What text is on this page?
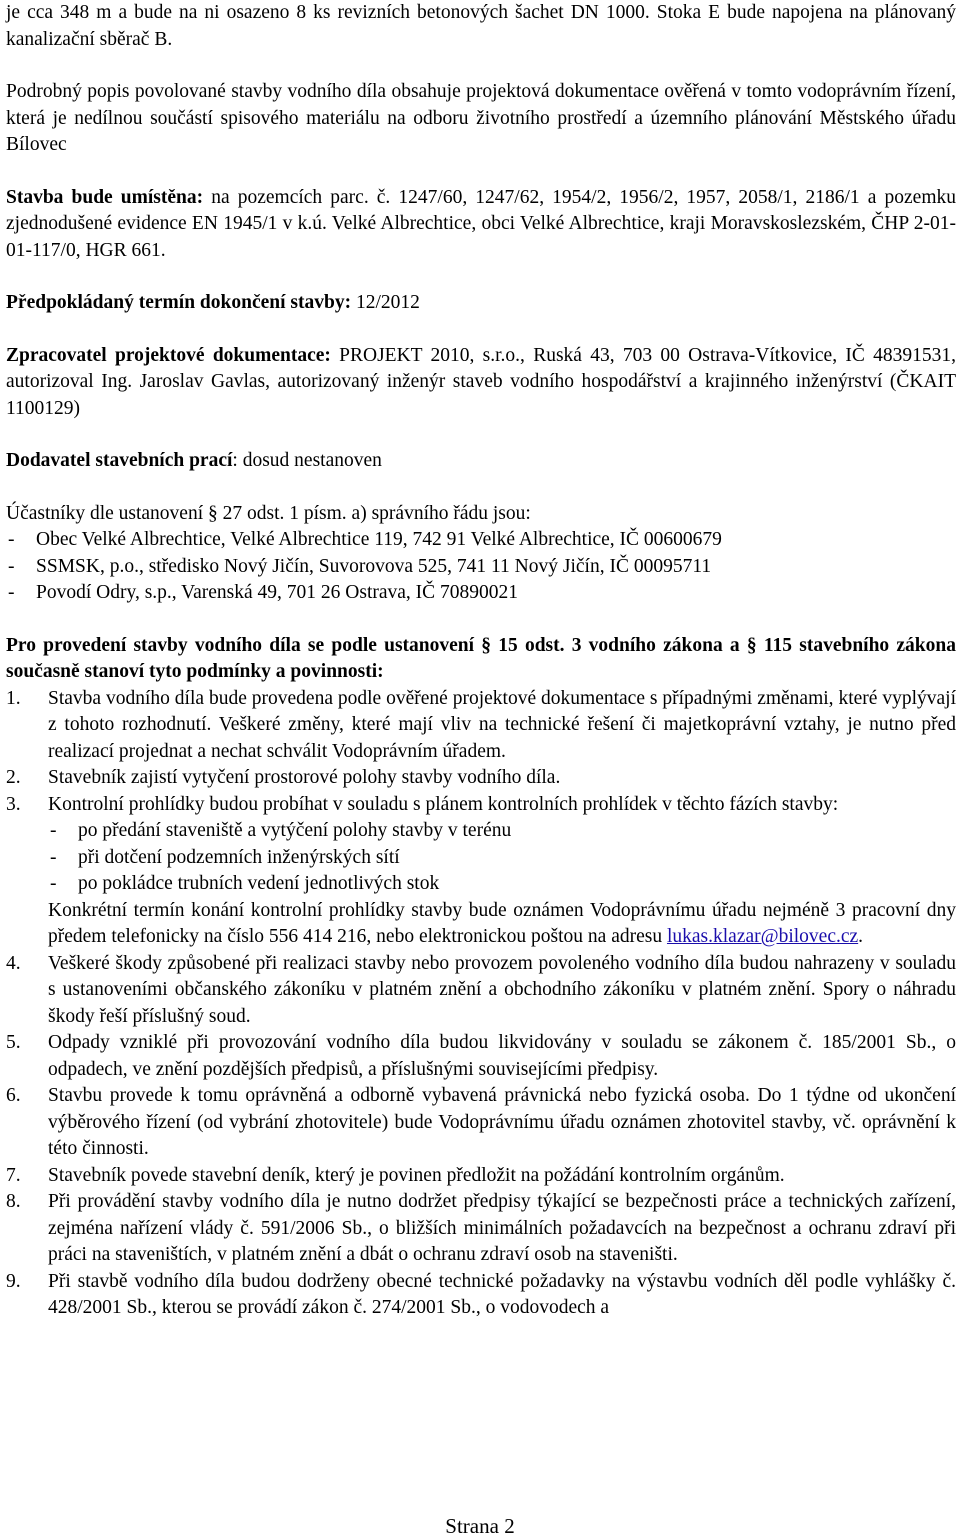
je cca 348 m a bude na ni osazeno 8 ks revizních betonových šachet DN 1000. Stoka E bude napojena na plánovaný kanalizační sběrač B.

Podrobný popis povolované stavby vodního díla obsahuje projektová dokumentace ověřená v tomto vodoprávním řízení, která je nedílnou součástí spisového materiálu na odboru životního prostředí a územního plánování Městského úřadu Bílovec

Stavba bude umístěna: na pozemcích parc. č. 1247/60, 1247/62, 1954/2, 1956/2, 1957, 2058/1, 2186/1 a pozemku zjednodušené evidence EN 1945/1 v k.ú. Velké Albrechtice, obci Velké Albrechtice, kraji Moravskoslezském, ČHP 2-01-01-117/0, HGR 661.

Předpokládaný termín dokončení stavby: 12/2012

Zpracovatel projektové dokumentace: PROJEKT 2010, s.r.o., Ruská 43, 703 00 Ostrava-Vítkovice, IČ 48391531, autorizoval Ing. Jaroslav Gavlas, autorizovaný inženýr staveb vodního hospodářství a krajinného inženýrství (ČKAIT 1100129)

Dodavatel stavebních prací: dosud nestanoven

Účastníky dle ustanovení § 27 odst. 1 písm. a) správního řádu jsou:

- Obec Velké Albrechtice, Velké Albrechtice 119, 742 91 Velké Albrechtice, IČ 00600679
- SSMSK, p.o., středisko Nový Jičín, Suvorovova 525, 741 11 Nový Jičín, IČ 00095711
- Povodí Odry, s.p., Varenská 49, 701 26 Ostrava, IČ 70890021

Pro provedení stavby vodního díla se podle ustanovení § 15 odst. 3 vodního zákona a § 115 stavebního zákona současně stanoví tyto podmínky a povinnosti:

1. Stavba vodního díla bude provedena podle ověřené projektové dokumentace s případnými změnami, které vyplývají z tohoto rozhodnutí. Veškeré změny, které mají vliv na technické řešení či majetkoprávní vztahy, je nutno před realizací projednat a nechat schválit Vodoprávním úřadem.
2. Stavebník zajistí vytyčení prostorové polohy stavby vodního díla.
3. Kontrolní prohlídky budou probíhat v souladu s plánem kontrolních prohlídek v těchto fázích stavby:
- po předání staveniště a vytýčení polohy stavby v terénu
- při dotčení podzemních inženýrských sítí
- po pokládce trubních vedení jednotlivých stok
Konkrétní termín konání kontrolní prohlídky stavby bude oznámen Vodoprávnímu úřadu nejméně 3 pracovní dny předem telefonicky na číslo 556 414 216, nebo elektronickou poštou na adresu lukas.klazar@bilovec.cz.
4. Veškeré škody způsobené při realizaci stavby nebo provozem povoleného vodního díla budou nahrazeny v souladu s ustanoveními občanského zákoníku v platném znění a obchodního zákoníku v platném znění. Spory o náhradu škody řeší příslušný soud.
5. Odpady vzniklé při provozování vodního díla budou likvidovány v souladu se zákonem č. 185/2001 Sb., o odpadech, ve znění pozdějších předpisů, a příslušnými souvisejícími předpisy.
6. Stavbu provede k tomu oprávněná a odborně vybavená právnická nebo fyzická osoba. Do 1 týdne od ukončení výběrového řízení (od vybrání zhotovitele) bude Vodoprávnímu úřadu oznámen zhotovitel stavby, vč. oprávnění k této činnosti.
7. Stavebník povede stavební deník, který je povinen předložit na požádání kontrolním orgánům.
8. Při provádění stavby vodního díla je nutno dodržet předpisy týkající se bezpečnosti práce a technických zařízení, zejména nařízení vlády č. 591/2006 Sb., o bližších minimálních požadavcích na bezpečnost a ochranu zdraví při práci na staveništích, v platném znění a dbát o ochranu zdraví osob na staveništi.
9. Při stavbě vodního díla budou dodrženy obecné technické požadavky na výstavbu vodních děl podle vyhlášky č. 428/2001 Sb., kterou se provádí zákon č. 274/2001 Sb., o vodovodech a
Strana 2
